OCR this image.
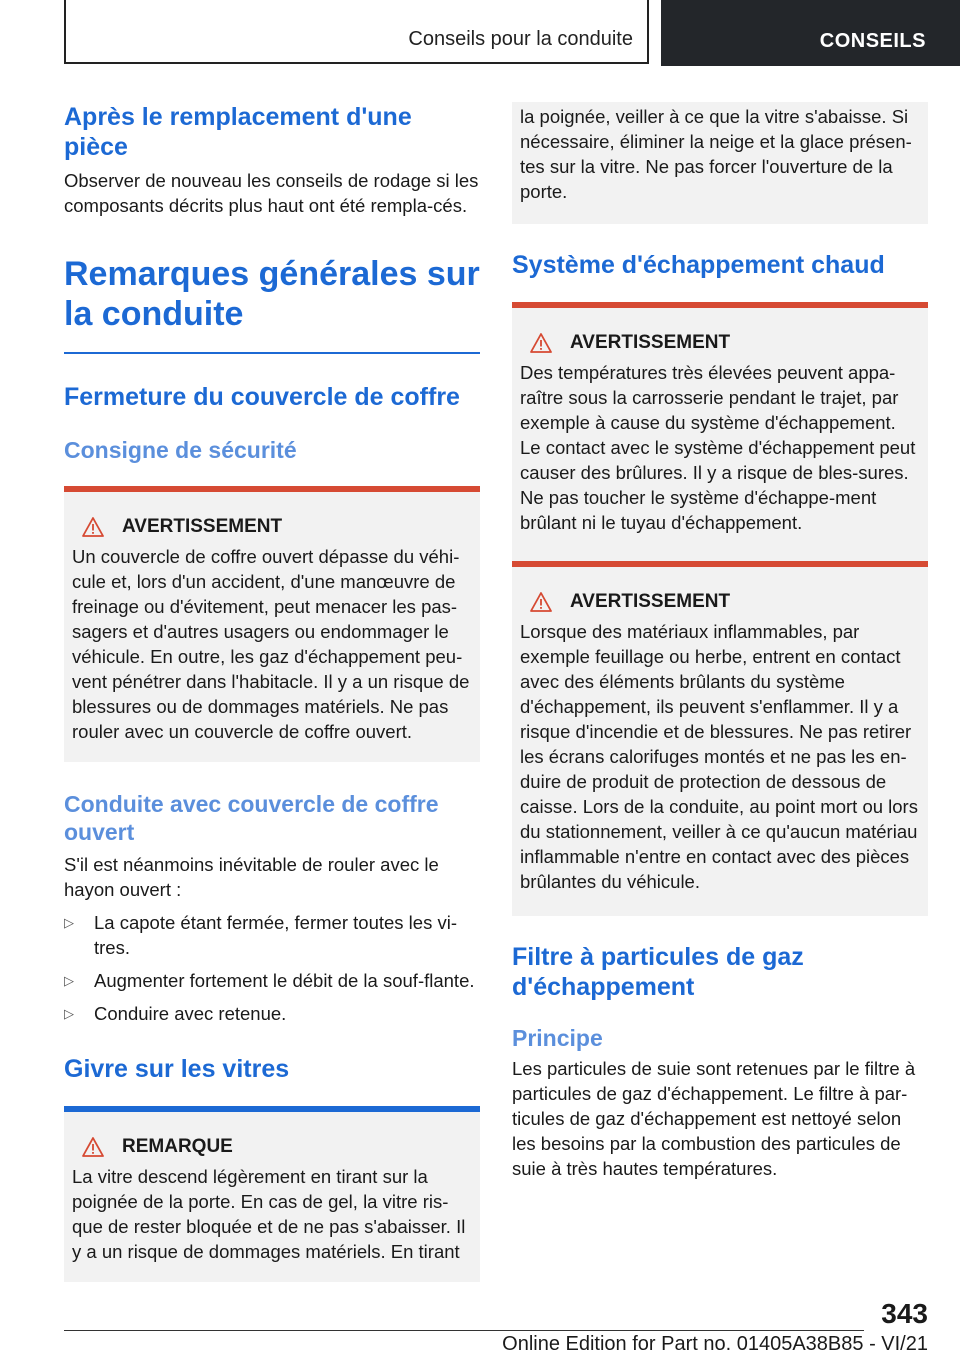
Conseils pour la conduite	CONSEILS
Après le remplacement d'une pièce
Observer de nouveau les conseils de rodage si les composants décrits plus haut ont été rempla-cés.
Remarques générales sur la conduite
Fermeture du couvercle de coffre
Consigne de sécurité
AVERTISSEMENT
Un couvercle de coffre ouvert dépasse du véhi-cule et, lors d'un accident, d'une manœuvre de freinage ou d'évitement, peut menacer les pas-sagers et d'autres usagers ou endommager le véhicule. En outre, les gaz d'échappement peu-vent pénétrer dans l'habitacle. Il y a un risque de blessures ou de dommages matériels. Ne pas rouler avec un couvercle de coffre ouvert.
Conduite avec couvercle de coffre ouvert
S'il est néanmoins inévitable de rouler avec le hayon ouvert :
▷	La capote étant fermée, fermer toutes les vi-tres.
▷	Augmenter fortement le débit de la souf-flante.
▷	Conduire avec retenue.
Givre sur les vitres
REMARQUE
La vitre descend légèrement en tirant sur la poignée de la porte. En cas de gel, la vitre ris-que de rester bloquée et de ne pas s'abaisser. Il y a un risque de dommages matériels. En tirant
la poignée, veiller à ce que la vitre s'abaisse. Si nécessaire, éliminer la neige et la glace présen-tes sur la vitre. Ne pas forcer l'ouverture de la porte.
Système d'échappement chaud
AVERTISSEMENT
Des températures très élevées peuvent appa-raître sous la carrosserie pendant le trajet, par exemple à cause du système d'échappement. Le contact avec le système d'échappement peut causer des brûlures. Il y a risque de bles-sures. Ne pas toucher le système d'échappe-ment brûlant ni le tuyau d'échappement.
AVERTISSEMENT
Lorsque des matériaux inflammables, par exemple feuillage ou herbe, entrent en contact avec des éléments brûlants du système d'échappement, ils peuvent s'enflammer. Il y a risque d'incendie et de blessures. Ne pas retirer les écrans calorifuges montés et ne pas les en-duire de produit de protection de dessous de caisse. Lors de la conduite, au point mort ou lors du stationnement, veiller à ce qu'aucun matériau inflammable n'entre en contact avec des pièces brûlantes du véhicule.
Filtre à particules de gaz d'échappement
Principe
Les particules de suie sont retenues par le filtre à particules de gaz d'échappement. Le filtre à par-ticules de gaz d'échappement est nettoyé selon les besoins par la combustion des particules de suie à très hautes températures.
343
Online Edition for Part no. 01405A38B85 - VI/21
